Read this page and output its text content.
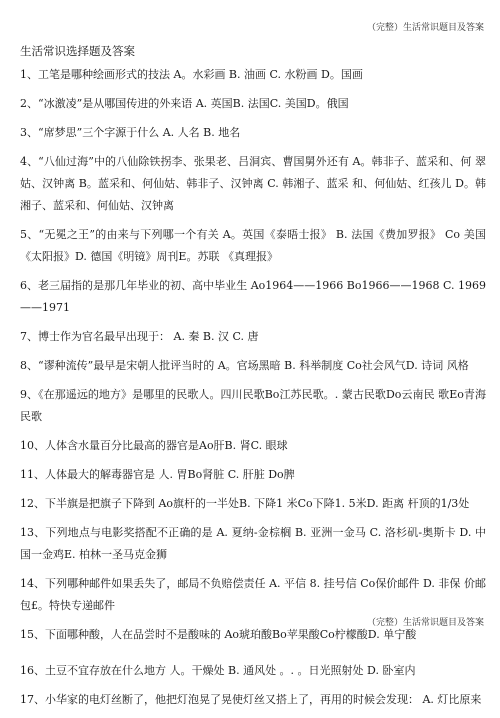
（完整）生活常识题目及答案
生活常识选择题及答案
1、工笔是哪种绘画形式的技法 A。水彩画 B. 油画 C. 水粉画 D。国画
2、“冰激凌”是从哪国传进的外来语 A. 英国B. 法国C. 美国D。俄国
3、“席梦思”三个字源于什么 A. 人名 B. 地名
4、“八仙过海”中的八仙除铁拐李、张果老、吕洞宾、曹国舅外还有 A。韩非子、蓝采和、何 翠姑、汉钟离 B。蓝采和、何仙姑、韩非子、汉钟离 C. 韩湘子、蓝采 和、何仙姑、红孩儿 D。韩湘子、蓝采和、何仙姑、汉钟离
5、“无冕之王”的由来与下列哪一个有关 A。英国《泰晤士报》 B. 法国《费加罗报》 Co 美国《太阳报》D. 德国《明镜》周刊E。苏联 《真理报》
6、老三届指的是那几年毕业的初、高中毕业生 Ao1964——1966 Bo1966——1968 C. 1969——1971
7、博士作为官名最早出现于： A. 秦 B. 汉 C. 唐
8、“谬种流传”最早是宋朝人批评当时的 A。官场黑暗 B. 科举制度 Co社会风气D. 诗词 风格
9、《在那遥远的地方》是哪里的民歌人。四川民歌Bo江苏民歌。. 蒙古民歌Do云南民 歌Eo青海民歌
10、人体含水量百分比最高的器官是Ao肝B. 肾C. 眼球
11、人体最大的解毒器官是 人. 胃Bo肾脏 C. 肝脏 Do脾
12、下半旗是把旗子下降到 Ao旗杆的一半处B. 下降1 米Co下降1. 5米D. 距离 杆顶的1/3处
13、下列地点与电影奖搭配不正确的是 A. 夏纳-金棕榈 B. 亚洲一金马 C. 洛杉矶-奥斯卡 D. 中国一金鸡E. 柏林一圣马克金狮
14、下列哪种邮件如果丢失了，邮局不负赔偿责任 A. 平信 8. 挂号信 Co保价邮件 D. 非保 价邮包£。特快专递邮件
15、下面哪种酸，人在品尝时不是酸味的 Ao琥珀酸Bo苹果酸Co柠檬酸D. 单宁酸
16、土豆不宜存放在什么地方 人。干燥处 B. 通风处 。. 。日光照射处 D. 卧室内
17、小华家的电灯丝断了，他把灯泡晃了晃使灯丝又搭上了，再用的时候会发现： A. 灯比原来
（完整）生活常识题目及答案
